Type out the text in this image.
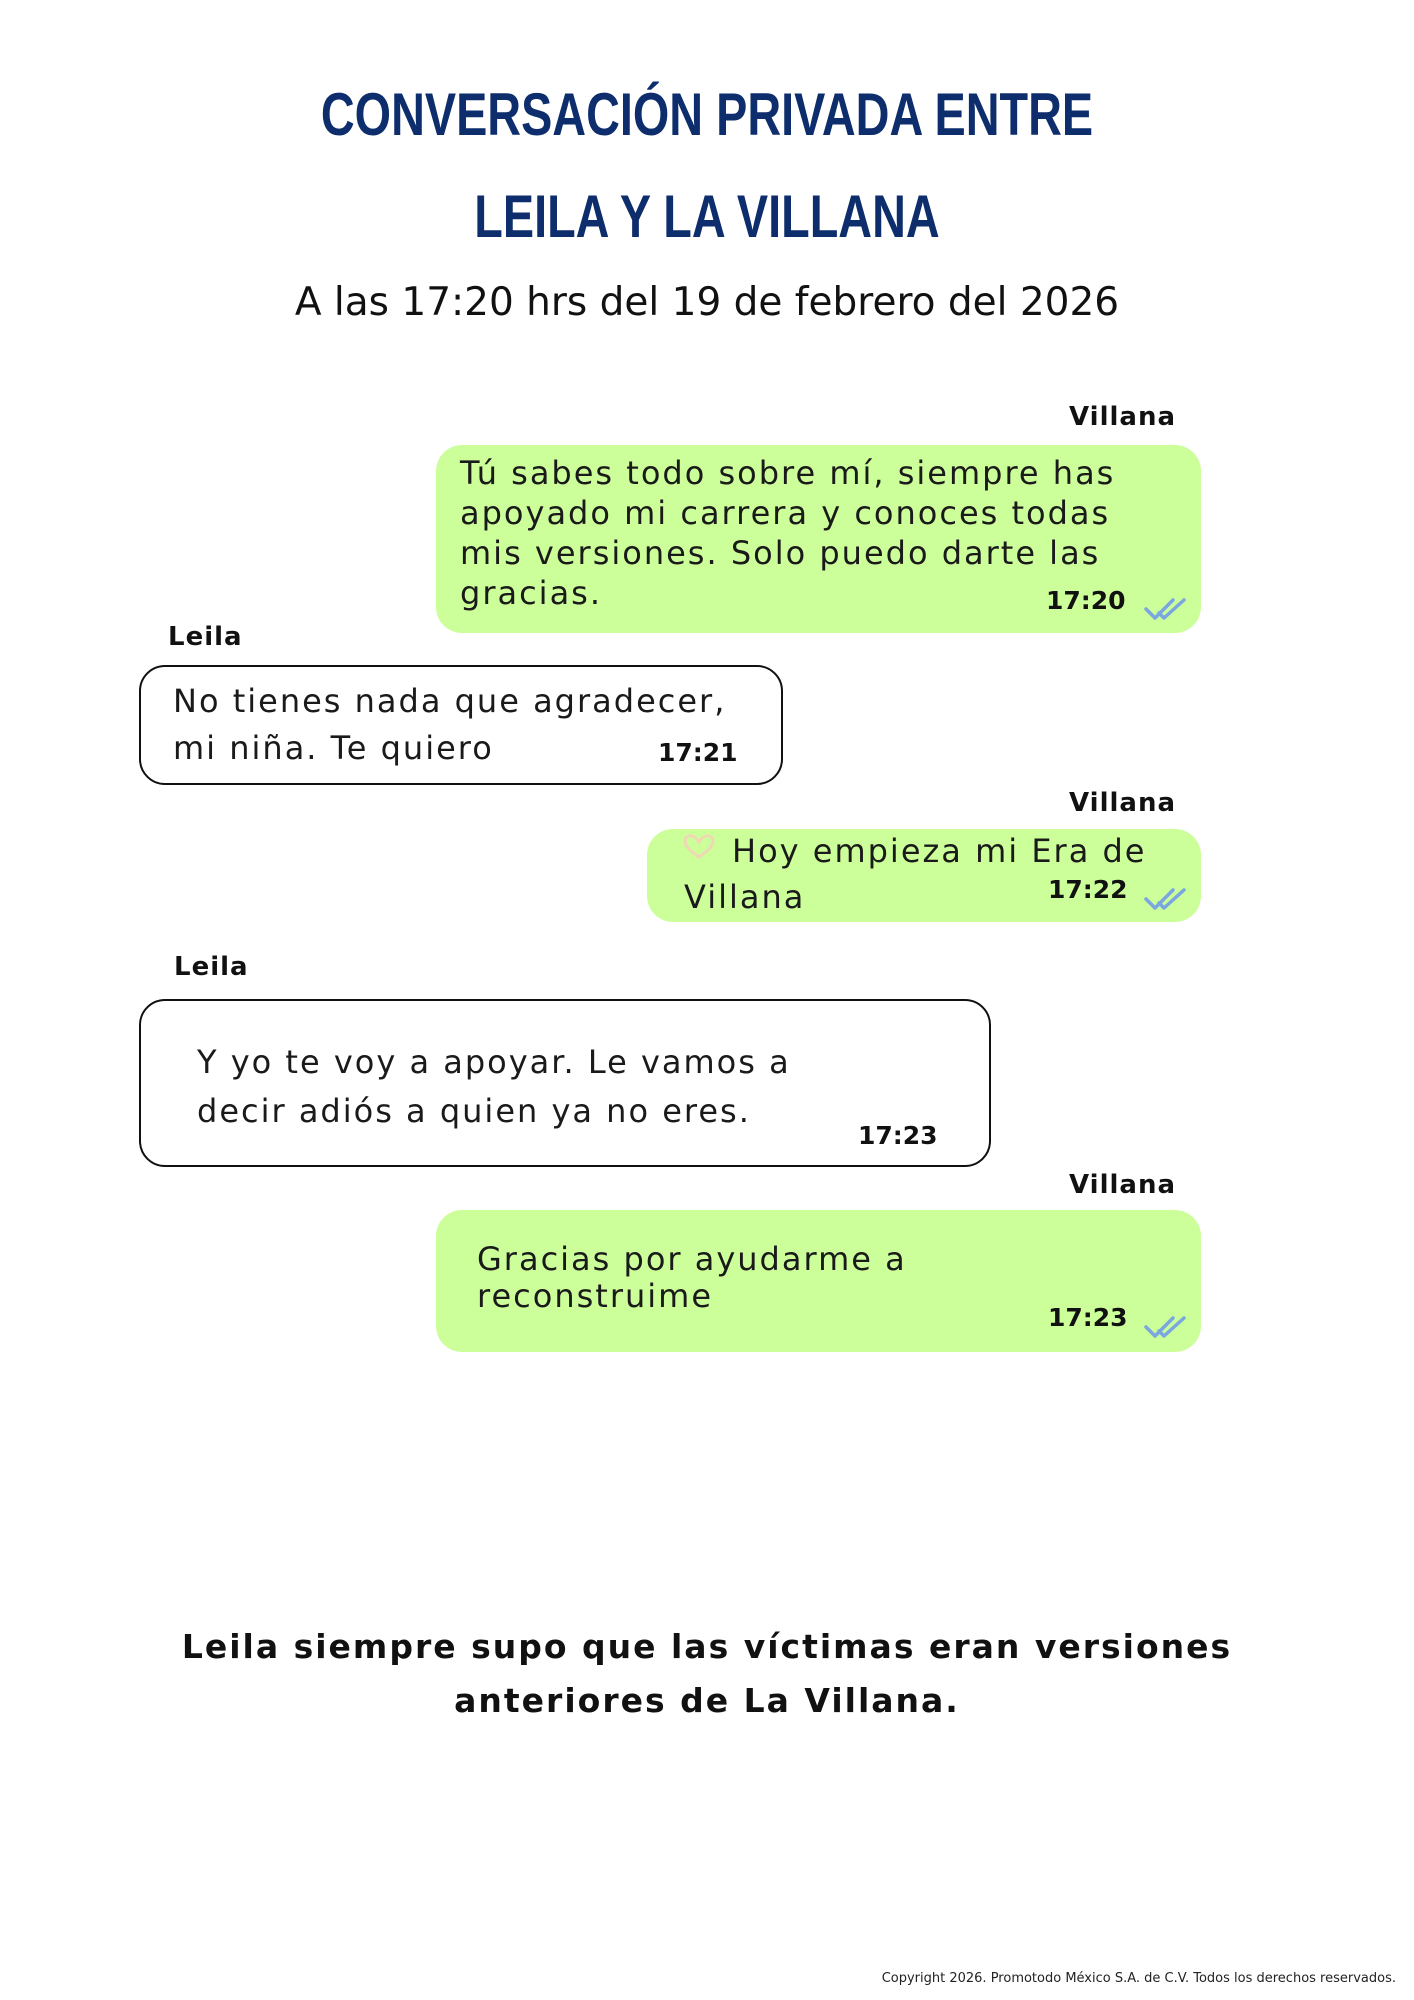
CONVERSACIÓN PRIVADA ENTRE
LEILA Y LA VILLANA
A las 17:20 hrs del 19 de febrero del 2026
Villana
Tú sabes todo sobre mí, siempre has
apoyado mi carrera y conoces todas
mis versiones. Solo puedo darte las
gracias.	17:20
Leila
No tienes nada que agradecer,
mi niña. Te quiero	17:21
Villana
Hoy empieza mi Era de
Villana	17:22
Leila
Y yo te voy a apoyar. Le vamos a
decir adiós a quien ya no eres.
17:23
Villana
Gracias por ayudarme a
reconstruime
17:23
Leila siempre supo que las víctimas eran versiones
anteriores de La Villana.
Copyright 2026. Promotodo México S.A. de C.V. Todos los derechos reservados.
